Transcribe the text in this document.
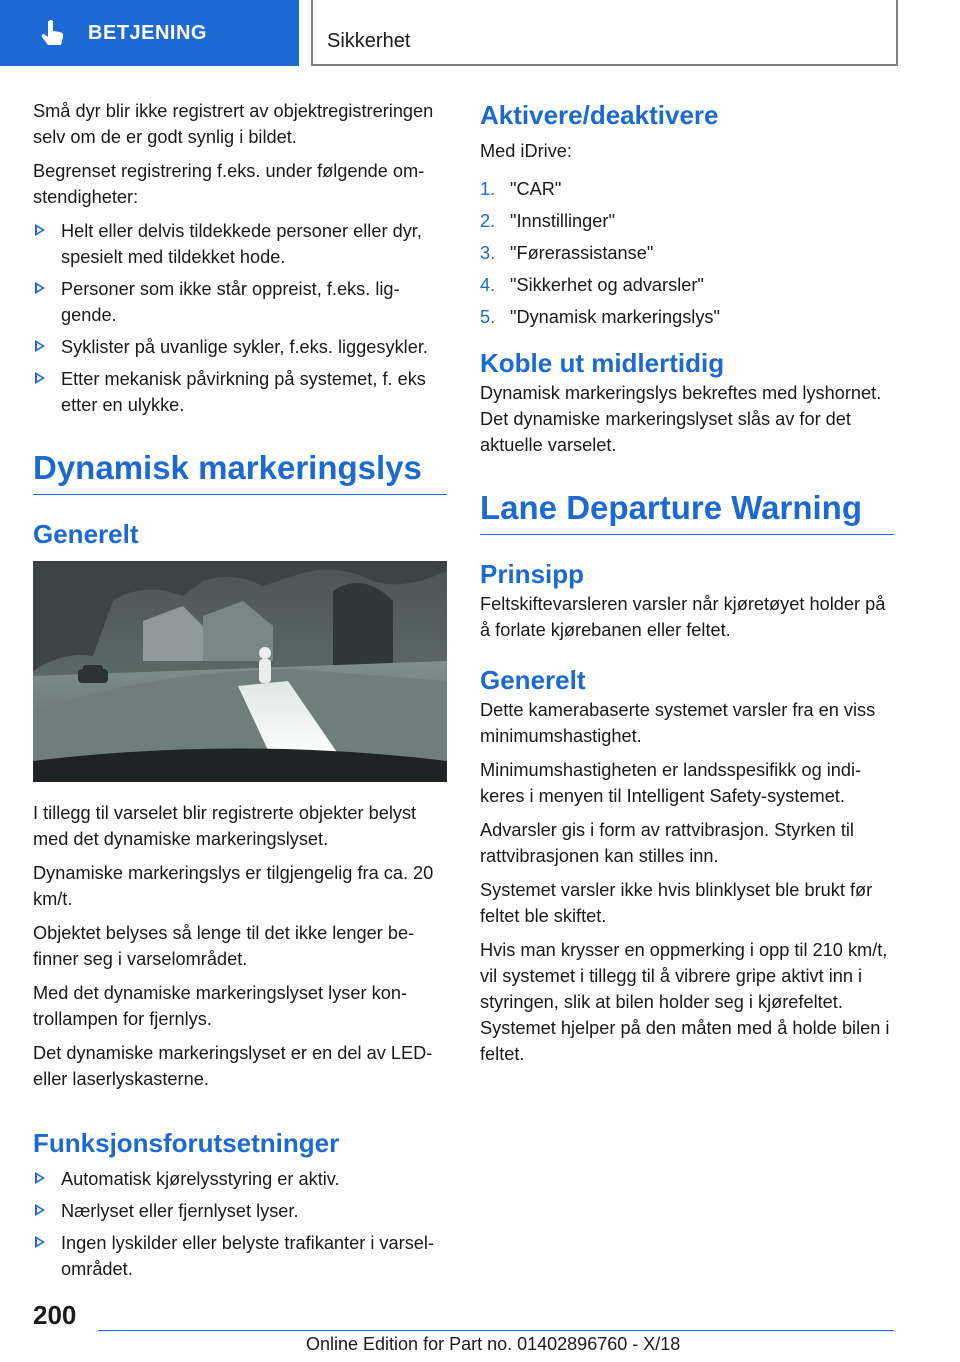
BETJENING	Sikkerhet

Små dyr blir ikke registrert av objektregistreringen selv om de er godt synlig i bildet.

Begrenset registrering f.eks. under følgende omstendigheter:

Helt eller delvis tildekkede personer eller dyr, spesielt med tildekket hode.
Personer som ikke står oppreist, f.eks. liggende.
Syklister på uvanlige sykler, f.eks. liggesykler.
Etter mekanisk påvirkning på systemet, f. eks etter en ulykke.
Dynamisk markeringslys
Generelt

I tillegg til varselet blir registrerte objekter belyst med det dynamiske markeringslyset.

Dynamiske markeringslys er tilgjengelig fra ca. 20 km/t.

Objektet belyses så lenge til det ikke lenger befinner seg i varselområdet.

Med det dynamiske markeringslyset lyser kontrollampen for fjernlys.

Det dynamiske markeringslyset er en del av LED- eller laserlyskasterne.

Funksjonsforutsetninger
Automatisk kjørelysstyring er aktiv.
Nærlyset eller fjernlyset lyser.
Ingen lyskilder eller belyste trafikanter i varselområdet.
Aktivere/deaktivere

Med iDrive:

1. "CAR"
2. "Innstillinger"
3. "Førerassistanse"
4. "Sikkerhet og advarsler"
5. "Dynamisk markeringslys"
Koble ut midlertidig

Dynamisk markeringslys bekreftes med lyshornet. Det dynamiske markeringslyset slås av for det aktuelle varselet.

Lane Departure Warning
Prinsipp

Feltskiftevarsleren varsler når kjøretøyet holder på å forlate kjørebanen eller feltet.

Generelt

Dette kamerabaserte systemet varsler fra en viss minimumshastighet.

Minimumshastigheten er landsspesifikk og indikeres i menyen til Intelligent Safety-systemet.

Advarsler gis i form av rattvibrasjon. Styrken til rattvibrasjonen kan stilles inn.

Systemet varsler ikke hvis blinklyset ble brukt før feltet ble skiftet.

Hvis man krysser en oppmerking i opp til 210 km/t, vil systemet i tillegg til å vibrere gripe aktivt inn i styringen, slik at bilen holder seg i kjørefeltet. Systemet hjelper på den måten med å holde bilen i feltet.

200
Online Edition for Part no. 01402896760 - X/18
